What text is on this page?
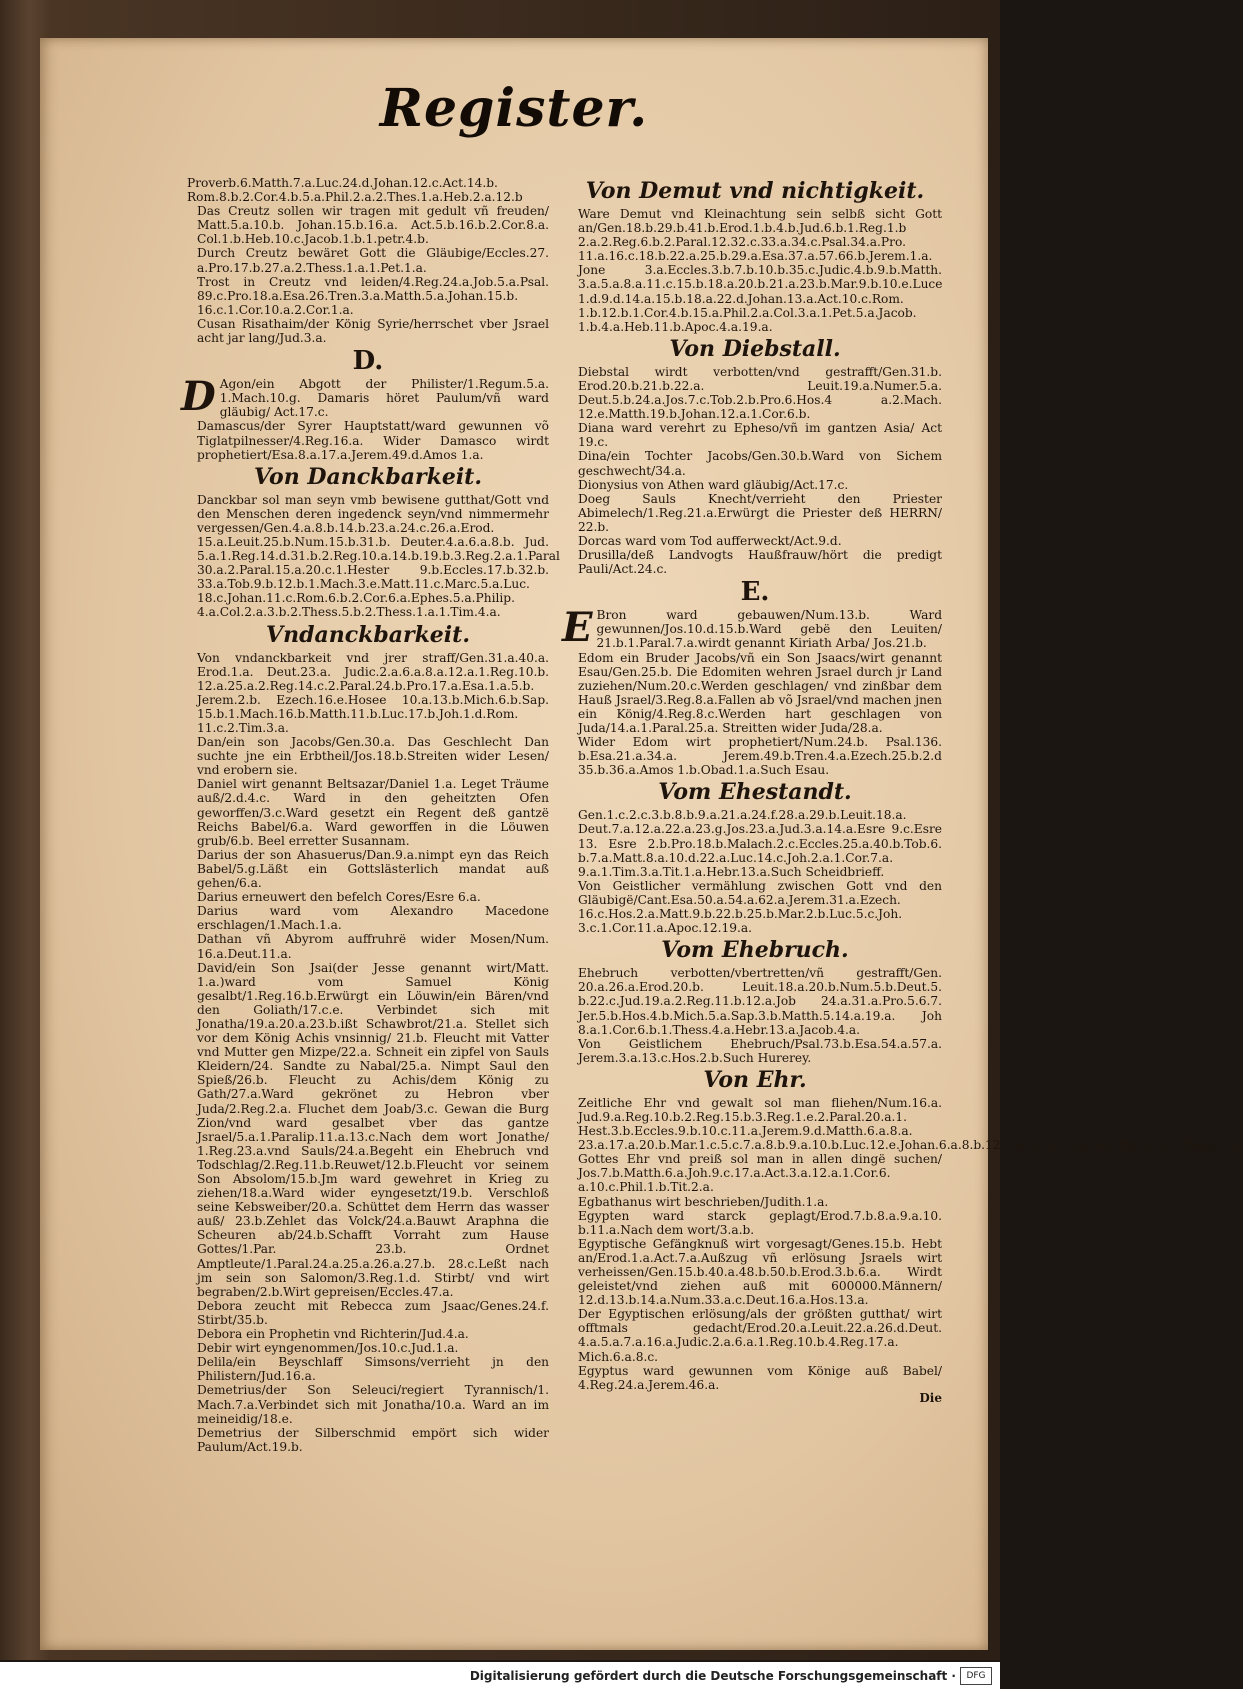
Register.

Proverb.6.Matth.7.a.Luc.24.d.Johan.12.c.Act.14.b. Rom.8.b.2.Cor.4.b.5.a.Phil.2.a.2.Thes.1.a.Heb.2.a.12.b

Das Creutz sollen wir tragen mit gedult vñ freuden/ Matt.5.a.10.b. Johan.15.b.16.a. Act.5.b.16.b.2.Cor.8.a. Col.1.b.Heb.10.c.Jacob.1.b.1.petr.4.b.

Durch Creutz bewäret Gott die Gläubige/Eccles.27. a.Pro.17.b.27.a.2.Thess.1.a.1.Pet.1.a.

Trost in Creutz vnd leiden/4.Reg.24.a.Job.5.a.Psal. 89.c.Pro.18.a.Esa.26.Tren.3.a.Matth.5.a.Johan.15.b. 16.c.1.Cor.10.a.2.Cor.1.a.

Cusan Risathaim/der König Syrie/herrschet vber Jsrael acht jar lang/Jud.3.a.

D.

D Agon/ein Abgott der Philister/1.Regum.5.a. 1.Mach.10.g. Damaris höret Paulum/vñ ward gläubig/ Act.17.c.

Damascus/der Syrer Hauptstatt/ward gewunnen võ Tiglatpilnesser/4.Reg.16.a. Wider Damasco wirdt prophetiert/Esa.8.a.17.a.Jerem.49.d.Amos 1.a.

Von Danckbarkeit.

Danckbar sol man seyn vmb bewisene gutthat/Gott vnd den Menschen deren ingedenck seyn/vnd nimmermehr vergessen/Gen.4.a.8.b.14.b.23.a.24.c.26.a.Erod. 15.a.Leuit.25.b.Num.15.b.31.b. Deuter.4.a.6.a.8.b. Jud. 5.a.1.Reg.14.d.31.b.2.Reg.10.a.14.b.19.b.3.Reg.2.a.1.Paral 30.a.2.Paral.15.a.20.c.1.Hester 9.b.Eccles.17.b.32.b. 33.a.Tob.9.b.12.b.1.Mach.3.e.Matt.11.c.Marc.5.a.Luc. 18.c.Johan.11.c.Rom.6.b.2.Cor.6.a.Ephes.5.a.Philip. 4.a.Col.2.a.3.b.2.Thess.5.b.2.Thess.1.a.1.Tim.4.a.

Vndanckbarkeit.

Von vndanckbarkeit vnd jrer straff/Gen.31.a.40.a. Erod.1.a. Deut.23.a. Judic.2.a.6.a.8.a.12.a.1.Reg.10.b. 12.a.25.a.2.Reg.14.c.2.Paral.24.b.Pro.17.a.Esa.1.a.5.b. Jerem.2.b. Ezech.16.e.Hosee 10.a.13.b.Mich.6.b.Sap. 15.b.1.Mach.16.b.Matth.11.b.Luc.17.b.Joh.1.d.Rom. 11.c.2.Tim.3.a.

Dan/ein son Jacobs/Gen.30.a. Das Geschlecht Dan suchte jne ein Erbtheil/Jos.18.b.Streiten wider Lesen/ vnd erobern sie.

Daniel wirt genannt Beltsazar/Daniel 1.a. Leget Träume auß/2.d.4.c. Ward in den geheitzten Ofen geworffen/3.c.Ward gesetzt ein Regent deß gantzë Reichs Babel/6.a. Ward geworffen in die Löuwen grub/6.b. Beel erretter Susannam.

Darius der son Ahasuerus/Dan.9.a.nimpt eyn das Reich Babel/5.g.Läßt ein Gottslästerlich mandat auß gehen/6.a.

Darius erneuwert den befelch Cores/Esre 6.a.

Darius ward vom Alexandro Macedone erschlagen/1.Mach.1.a.

Dathan vñ Abyrom auffruhrë wider Mosen/Num. 16.a.Deut.11.a.

David/ein Son Jsai(der Jesse genannt wirt/Matt. 1.a.)ward vom Samuel König gesalbt/1.Reg.16.b.Erwürgt ein Löuwin/ein Bären/vnd den Goliath/17.c.e. Verbindet sich mit Jonatha/19.a.20.a.23.b.ißt Schawbrot/21.a. Stellet sich vor dem König Achis vnsinnig/ 21.b. Fleucht mit Vatter vnd Mutter gen Mizpe/22.a. Schneit ein zipfel von Sauls Kleidern/24. Sandte zu Nabal/25.a. Nimpt Saul den Spieß/26.b. Fleucht zu Achis/dem König zu Gath/27.a.Ward gekrönet zu Hebron vber Juda/2.Reg.2.a. Fluchet dem Joab/3.c. Gewan die Burg Zion/vnd ward gesalbet vber das gantze Jsrael/5.a.1.Paralip.11.a.13.c.Nach dem wort Jonathe/ 1.Reg.23.a.vnd Sauls/24.a.Begeht ein Ehebruch vnd Todschlag/2.Reg.11.b.Reuwet/12.b.Fleucht vor seinem Son Absolom/15.b.Jm ward gewehret in Krieg zu ziehen/18.a.Ward wider eyngesetzt/19.b. Verschloß seine Kebsweiber/20.a. Schüttet dem Herrn das wasser auß/ 23.b.Zehlet das Volck/24.a.Bauwt Araphna die Scheuren ab/24.b.Schafft Vorraht zum Hause Gottes/1.Par. 23.b. Ordnet Amptleute/1.Paral.24.a.25.a.26.a.27.b. 28.c.Leßt nach jm sein son Salomon/3.Reg.1.d. Stirbt/ vnd wirt begraben/2.b.Wirt gepreisen/Eccles.47.a.

Debora zeucht mit Rebecca zum Jsaac/Genes.24.f. Stirbt/35.b.

Debora ein Prophetin vnd Richterin/Jud.4.a.

Debir wirt eyngenommen/Jos.10.c.Jud.1.a.

Delila/ein Beyschlaff Simsons/verrieht jn den Philistern/Jud.16.a.

Demetrius/der Son Seleuci/regiert Tyrannisch/1. Mach.7.a.Verbindet sich mit Jonatha/10.a. Ward an im meineidig/18.e.

Demetrius der Silberschmid empört sich wider Paulum/Act.19.b.

Von Demut vnd nichtigkeit.

Ware Demut vnd Kleinachtung sein selbß sicht Gott an/Gen.18.b.29.b.41.b.Erod.1.b.4.b.Jud.6.b.1.Reg.1.b 2.a.2.Reg.6.b.2.Paral.12.32.c.33.a.34.c.Psal.34.a.Pro. 11.a.16.c.18.b.22.a.25.b.29.a.Esa.37.a.57.66.b.Jerem.1.a. Jone 3.a.Eccles.3.b.7.b.10.b.35.c.Judic.4.b.9.b.Matth. 3.a.5.a.8.a.11.c.15.b.18.a.20.b.21.a.23.b.Mar.9.b.10.e.Luce 1.d.9.d.14.a.15.b.18.a.22.d.Johan.13.a.Act.10.c.Rom. 1.b.12.b.1.Cor.4.b.15.a.Phil.2.a.Col.3.a.1.Pet.5.a.Jacob. 1.b.4.a.Heb.11.b.Apoc.4.a.19.a.

Von Diebstall.

Diebstal wirdt verbotten/vnd gestrafft/Gen.31.b. Erod.20.b.21.b.22.a. Leuit.19.a.Numer.5.a. Deut.5.b.24.a.Jos.7.c.Tob.2.b.Pro.6.Hos.4 a.2.Mach. 12.e.Matth.19.b.Johan.12.a.1.Cor.6.b.

Diana ward verehrt zu Epheso/vñ im gantzen Asia/ Act 19.c.

Dina/ein Tochter Jacobs/Gen.30.b.Ward von Sichem geschwecht/34.a.

Dionysius von Athen ward gläubig/Act.17.c.

Doeg Sauls Knecht/verrieht den Priester Abimelech/1.Reg.21.a.Erwürgt die Priester deß HERRN/ 22.b.

Dorcas ward vom Tod aufferweckt/Act.9.d.

Drusilla/deß Landvogts Haußfrauw/hört die predigt Pauli/Act.24.c.

E.

E Bron ward gebauwen/Num.13.b. Ward gewunnen/Jos.10.d.15.b.Ward gebë den Leuiten/ 21.b.1.Paral.7.a.wirdt genannt Kiriath Arba/ Jos.21.b.

Edom ein Bruder Jacobs/vñ ein Son Jsaacs/wirt genannt Esau/Gen.25.b. Die Edomiten wehren Jsrael durch jr Land zuziehen/Num.20.c.Werden geschlagen/ vnd zinßbar dem Hauß Jsrael/3.Reg.8.a.Fallen ab võ Jsrael/vnd machen jnen ein König/4.Reg.8.c.Werden hart geschlagen von Juda/14.a.1.Paral.25.a. Streitten wider Juda/28.a.

Wider Edom wirt prophetiert/Num.24.b. Psal.136. b.Esa.21.a.34.a. Jerem.49.b.Tren.4.a.Ezech.25.b.2.d 35.b.36.a.Amos 1.b.Obad.1.a.Such Esau.

Vom Ehestandt.

Gen.1.c.2.c.3.b.8.b.9.a.21.a.24.f.28.a.29.b.Leuit.18.a. Deut.7.a.12.a.22.a.23.g.Jos.23.a.Jud.3.a.14.a.Esre 9.c.Esre 13. Esre 2.b.Pro.18.b.Malach.2.c.Eccles.25.a.40.b.Tob.6. b.7.a.Matt.8.a.10.d.22.a.Luc.14.c.Joh.2.a.1.Cor.7.a. 9.a.1.Tim.3.a.Tit.1.a.Hebr.13.a.Such Scheidbrieff.

Von Geistlicher vermählung zwischen Gott vnd den Gläubigë/Cant.Esa.50.a.54.a.62.a.Jerem.31.a.Ezech. 16.c.Hos.2.a.Matt.9.b.22.b.25.b.Mar.2.b.Luc.5.c.Joh. 3.c.1.Cor.11.a.Apoc.12.19.a.

Vom Ehebruch.

Ehebruch verbotten/vbertretten/vñ gestrafft/Gen. 20.a.26.a.Erod.20.b. Leuit.18.a.20.b.Num.5.b.Deut.5. b.22.c.Jud.19.a.2.Reg.11.b.12.a.Job 24.a.31.a.Pro.5.6.7. Jer.5.b.Hos.4.b.Mich.5.a.Sap.3.b.Matth.5.14.a.19.a. Joh 8.a.1.Cor.6.b.1.Thess.4.a.Hebr.13.a.Jacob.4.a.

Von Geistlichem Ehebruch/Psal.73.b.Esa.54.a.57.a. Jerem.3.a.13.c.Hos.2.b.Such Hurerey.

Von Ehr.

Zeitliche Ehr vnd gewalt sol man fliehen/Num.16.a. Jud.9.a.Reg.10.b.2.Reg.15.b.3.Reg.1.e.2.Paral.20.a.1. Hest.3.b.Eccles.9.b.10.c.11.a.Jerem.9.d.Matth.6.a.8.a. 23.a.17.a.20.b.Mar.1.c.5.c.7.a.8.b.9.a.10.b.Luc.12.e.Johan.6.a.8.b.12.d.Act.10.c.Gal.6.a.Phil.2.a.1.Thess.2.a.

Gottes Ehr vnd preiß sol man in allen dingë suchen/ Jos.7.b.Matth.6.a.Joh.9.c.17.a.Act.3.a.12.a.1.Cor.6. a.10.c.Phil.1.b.Tit.2.a.

Egbathanus wirt beschrieben/Judith.1.a.

Egypten ward starck geplagt/Erod.7.b.8.a.9.a.10. b.11.a.Nach dem wort/3.a.b.

Egyptische Gefängknuß wirt vorgesagt/Genes.15.b. Hebt an/Erod.1.a.Act.7.a.Außzug vñ erlösung Jsraels wirt verheissen/Gen.15.b.40.a.48.b.50.b.Erod.3.b.6.a. Wirdt geleistet/vnd ziehen auß mit 600000.Männern/ 12.d.13.b.14.a.Num.33.a.c.Deut.16.a.Hos.13.a.

Der Egyptischen erlösung/als der größten gutthat/ wirt offtmals gedacht/Erod.20.a.Leuit.22.a.26.d.Deut. 4.a.5.a.7.a.16.a.Judic.2.a.6.a.1.Reg.10.b.4.Reg.17.a. Mich.6.a.8.c.

Egyptus ward gewunnen vom Könige auß Babel/ 4.Reg.24.a.Jerem.46.a.

Die
Digitalisierung gefördert durch die Deutsche Forschungsgemeinschaft ·	DFG
